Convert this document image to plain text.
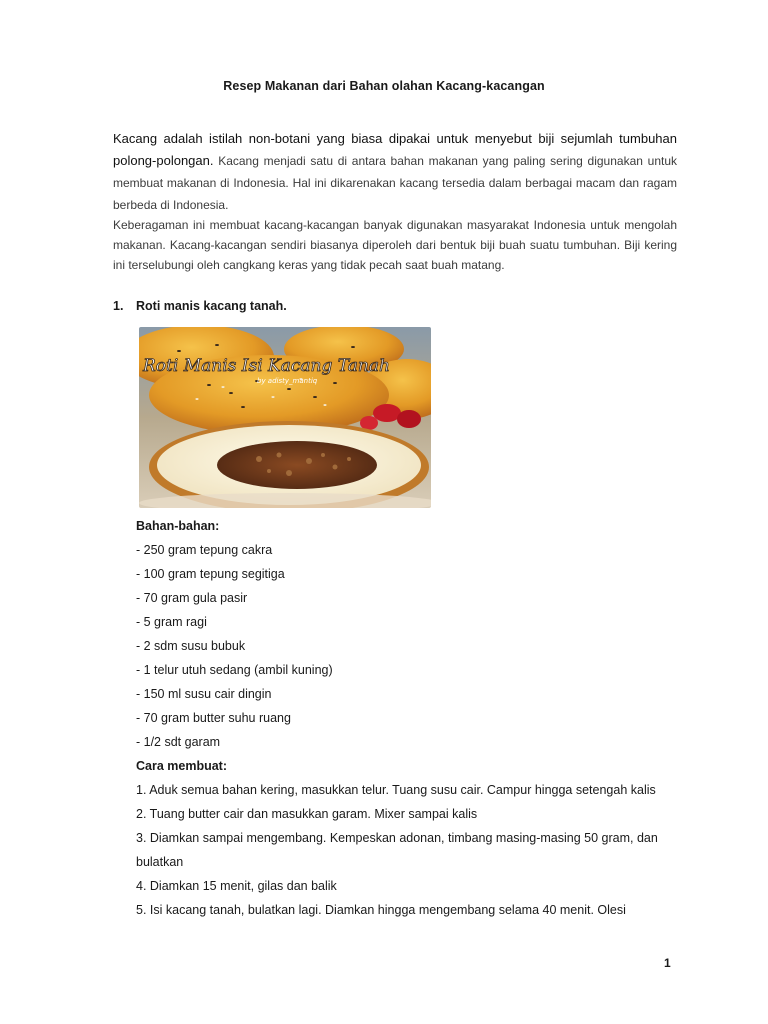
Resep Makanan dari Bahan olahan Kacang-kacangan
Kacang adalah istilah non-botani yang biasa dipakai untuk menyebut biji sejumlah tumbuhan polong-polongan. Kacang menjadi satu di antara bahan makanan yang paling sering digunakan untuk membuat makanan di Indonesia. Hal ini dikarenakan kacang tersedia dalam berbagai macam dan ragam berbeda di Indonesia.

Keberagaman ini membuat kacang-kacangan banyak digunakan masyarakat Indonesia untuk mengolah makanan. Kacang-kacangan sendiri biasanya diperoleh dari bentuk biji buah suatu tumbuhan. Biji kering ini terselubungi oleh cangkang keras yang tidak pecah saat buah matang.

1. Roti manis kacang tanah.
Roti Manis Isi Kacang Tanah
by adisty_mantiq
Bahan-bahan:
- 250 gram tepung cakra
- 100 gram tepung segitiga
- 70 gram gula pasir
- 5 gram ragi
- 2 sdm susu bubuk
- 1 telur utuh sedang (ambil kuning)
- 150 ml susu cair dingin
- 70 gram butter suhu ruang
- 1/2 sdt garam
Cara membuat:
1. Aduk semua bahan kering, masukkan telur. Tuang susu cair. Campur hingga setengah kalis
2. Tuang butter cair dan masukkan garam. Mixer sampai kalis
3. Diamkan sampai mengembang. Kempeskan adonan, timbang masing-masing 50 gram, dan bulatkan
4. Diamkan 15 menit, gilas dan balik
5. Isi kacang tanah, bulatkan lagi. Diamkan hingga mengembang selama 40 menit. Olesi
1
